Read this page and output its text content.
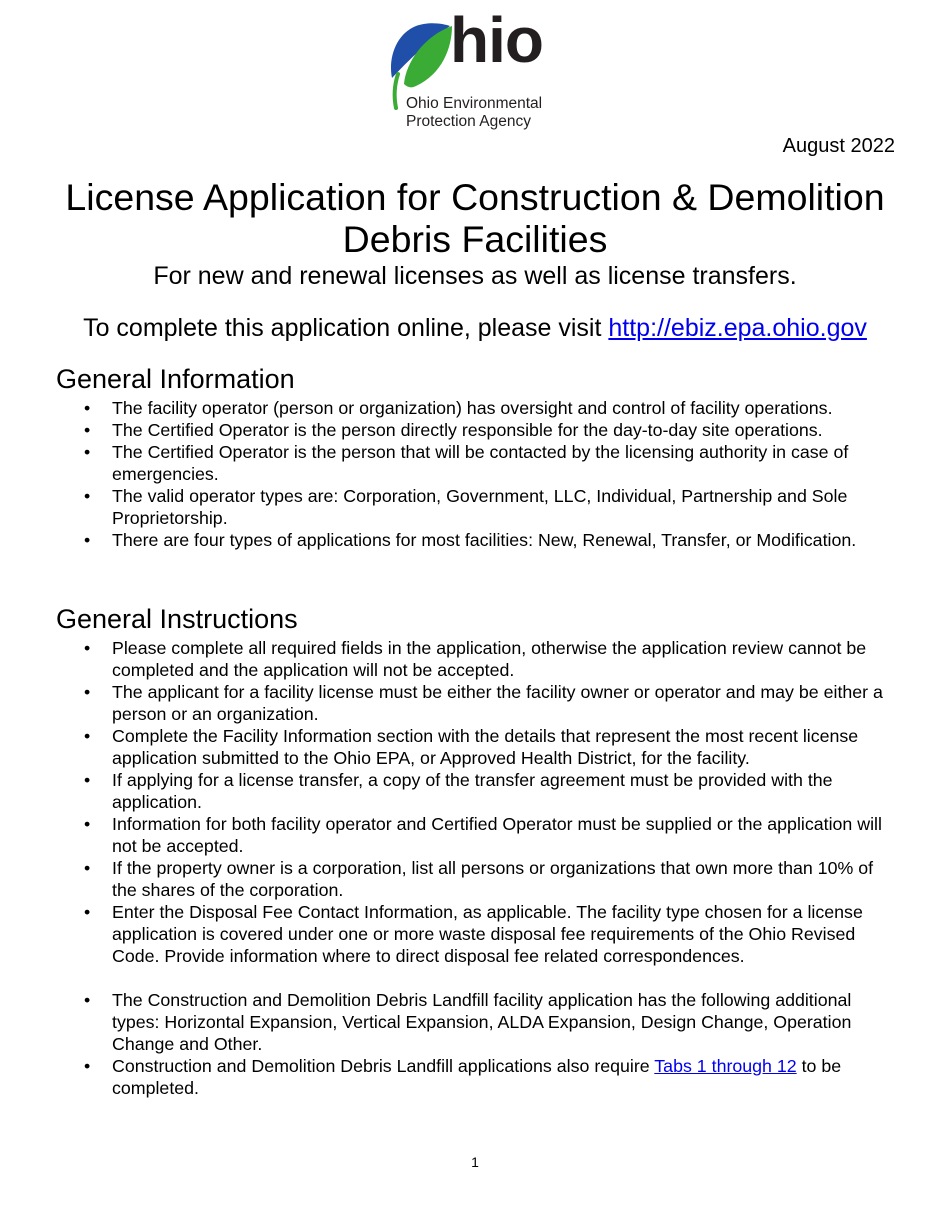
hio
Ohio Environmental
Protection Agency
August 2022
License Application for Construction & Demolition Debris Facilities
For new and renewal licenses as well as license transfers.
To complete this application online, please visit http://ebiz.epa.ohio.gov
General Information
• The facility operator (person or organization) has oversight and control of facility operations.
• The Certified Operator is the person directly responsible for the day-to-day site operations.
• The Certified Operator is the person that will be contacted by the licensing authority in case of emergencies.
• The valid operator types are: Corporation, Government, LLC, Individual, Partnership and Sole Proprietorship.
• There are four types of applications for most facilities: New, Renewal, Transfer, or Modification.
General Instructions
• Please complete all required fields in the application, otherwise the application review cannot be completed and the application will not be accepted.
• The applicant for a facility license must be either the facility owner or operator and may be either a person or an organization.
• Complete the Facility Information section with the details that represent the most recent license application submitted to the Ohio EPA, or Approved Health District, for the facility.
• If applying for a license transfer, a copy of the transfer agreement must be provided with the application.
• Information for both facility operator and Certified Operator must be supplied or the application will not be accepted.
• If the property owner is a corporation, list all persons or organizations that own more than 10% of the shares of the corporation.
• Enter the Disposal Fee Contact Information, as applicable. The facility type chosen for a license application is covered under one or more waste disposal fee requirements of the Ohio Revised Code. Provide information where to direct disposal fee related correspondences.
• The Construction and Demolition Debris Landfill facility application has the following additional types: Horizontal Expansion, Vertical Expansion, ALDA Expansion, Design Change, Operation Change and Other.
• Construction and Demolition Debris Landfill applications also require Tabs 1 through 12 to be completed.
1
